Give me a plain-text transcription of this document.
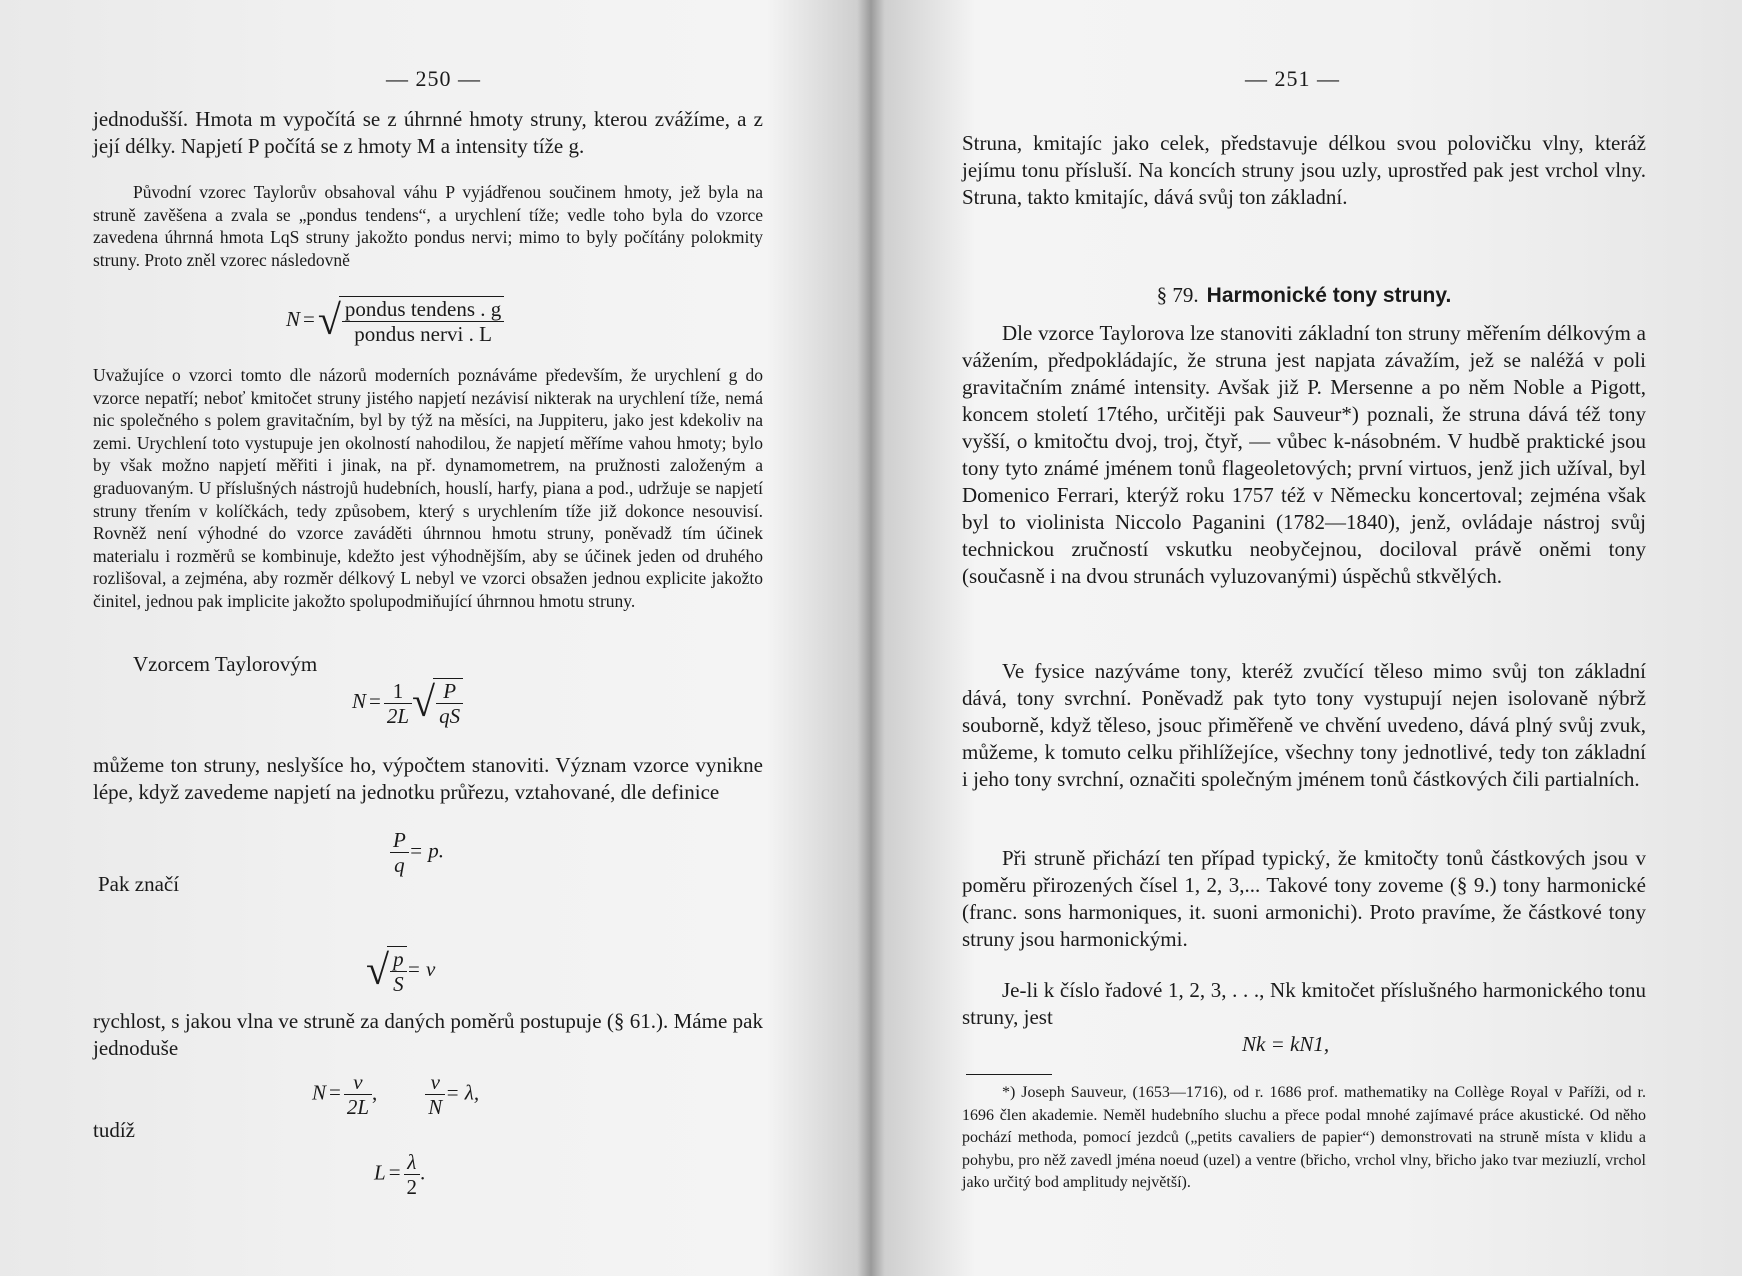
— 250 —

jednodušší. Hmota m vypočítá se z úhrnné hmoty struny, kterou zvážíme, a z její délky. Napjetí P počítá se z hmoty M a intensity tíže g.

Původní vzorec Taylorův obsahoval váhu P vyjádřenou součinem hmoty, jež byla na struně zavěšena a zvala se „pondus tendens“, a urychlení tíže; vedle toho byla do vzorce zavedena úhrnná hmota LqS struny jakožto pondus nervi; mimo to byly počítány polokmity struny. Proto zněl vzorec následovně

N =√
$\frac{\text{pondus tendens . g}}{\text{pondus nervi . L}}$

Uvažujíce o vzorci tomto dle názorů moderních poznáváme především, že urychlení g do vzorce nepatří; neboť kmitočet struny jistého napjetí nezávisí nikterak na urychlení tíže, nemá nic společného s polem gravitačním, byl by týž na měsíci, na Juppiteru, jako jest kdekoliv na zemi. Urychlení toto vystupuje jen okolností nahodilou, že napjetí měříme vahou hmoty; bylo by však možno napjetí měřiti i jinak, na př. dynamometrem, na pružnosti založeným a graduovaným. U příslušných nástrojů hudebních, houslí, harfy, piana a pod., udržuje se napjetí struny třením v kolíčkách, tedy způsobem, který s urychlením tíže již dokonce nesouvisí. Rovněž není výhodné do vzorce zaváděti úhrnnou hmotu struny, poněvadž tím účinek materialu i rozměrů se kombinuje, kdežto jest výhodnějším, aby se účinek jeden od druhého rozlišoval, a zejména, aby rozměr délkový L nebyl ve vzorci obsažen jednou explicite jakožto činitel, jednou pak implicite jakožto spolupodmiňující úhrnnou hmotu struny.

Vzorcem Taylorovým

$N = \frac{1}{2L}$ √
$\frac{P}{qS}$

můžeme ton struny, neslyšíce ho, výpočtem stanoviti. Význam vzorce vynikne lépe, když zavedeme napjetí na jednotku průřezu, vztahované, dle definice

$\frac{P}{q} = p$.
Pak značí
√
$\frac{p}{S} = v$

rychlost, s jakou vlna ve struně za daných poměrů postupuje (§ 61.). Máme pak jednoduše

$N = \frac{v}{2L}$ , $\frac{v}{N} = \lambda$,
tudíž
$L = \frac{\lambda}{2}$ .
— 251 —

Struna, kmitajíc jako celek, představuje délkou svou polovičku vlny, kteráž jejímu tonu přísluší. Na koncích struny jsou uzly, uprostřed pak jest vrchol vlny. Struna, takto kmitajíc, dává svůj ton základní.

§ 79. Harmonické tony struny.

Dle vzorce Taylorova lze stanoviti základní ton struny měřením délkovým a vážením, předpokládajíc, že struna jest napjata závažím, jež se naléžá v poli gravitačním známé intensity. Avšak již P. Mersenne a po něm Noble a Pigott, koncem století 17tého, určitěji pak Sauveur*) poznali, že struna dává též tony vyšší, o kmitočtu dvoj, troj, čtyř, — vůbec k-násobném. V hudbě praktické jsou tony tyto známé jménem tonů flageoletových; první virtuos, jenž jich užíval, byl Domenico Ferrari, kterýž roku 1757 též v Německu koncertoval; zejména však byl to violinista Niccolo Paganini (1782—1840), jenž, ovládaje nástroj svůj technickou zručností vskutku neobyčejnou, dociloval právě oněmi tony (současně i na dvou strunách vyluzovanými) úspěchů stkvělých.

Ve fysice nazýváme tony, kteréž zvučící těleso mimo svůj ton základní dává, tony svrchní. Poněvadž pak tyto tony vystupují nejen isolovaně nýbrž souborně, když těleso, jsouc přiměřeně ve chvění uvedeno, dává plný svůj zvuk, můžeme, k tomuto celku přihlížejíce, všechny tony jednotlivé, tedy ton základní i jeho tony svrchní, označiti společným jménem tonů částkových čili partialních.

Při struně přichází ten případ typický, že kmitočty tonů částkových jsou v poměru přirozených čísel 1, 2, 3,... Takové tony zoveme (§ 9.) tony harmonické (franc. sons harmoniques, it. suoni armonichi). Proto pravíme, že částkové tony struny jsou harmonickými.

Je-li k číslo řadové 1, 2, 3, . . ., Nk kmitočet příslušného harmonického tonu struny, jest

Nk = kN1,

*) Joseph Sauveur, (1653—1716), od r. 1686 prof. mathematiky na Collège Royal v Paříži, od r. 1696 člen akademie. Neměl hudebního sluchu a přece podal mnohé zajímavé práce akustické. Od něho pochází methoda, pomocí jezdců („petits cavaliers de papier“) demonstrovati na struně místa v klidu a pohybu, pro něž zavedl jména noeud (uzel) a ventre (břicho, vrchol vlny, břicho jako tvar meziuzlí, vrchol jako určitý bod amplitudy největší).
